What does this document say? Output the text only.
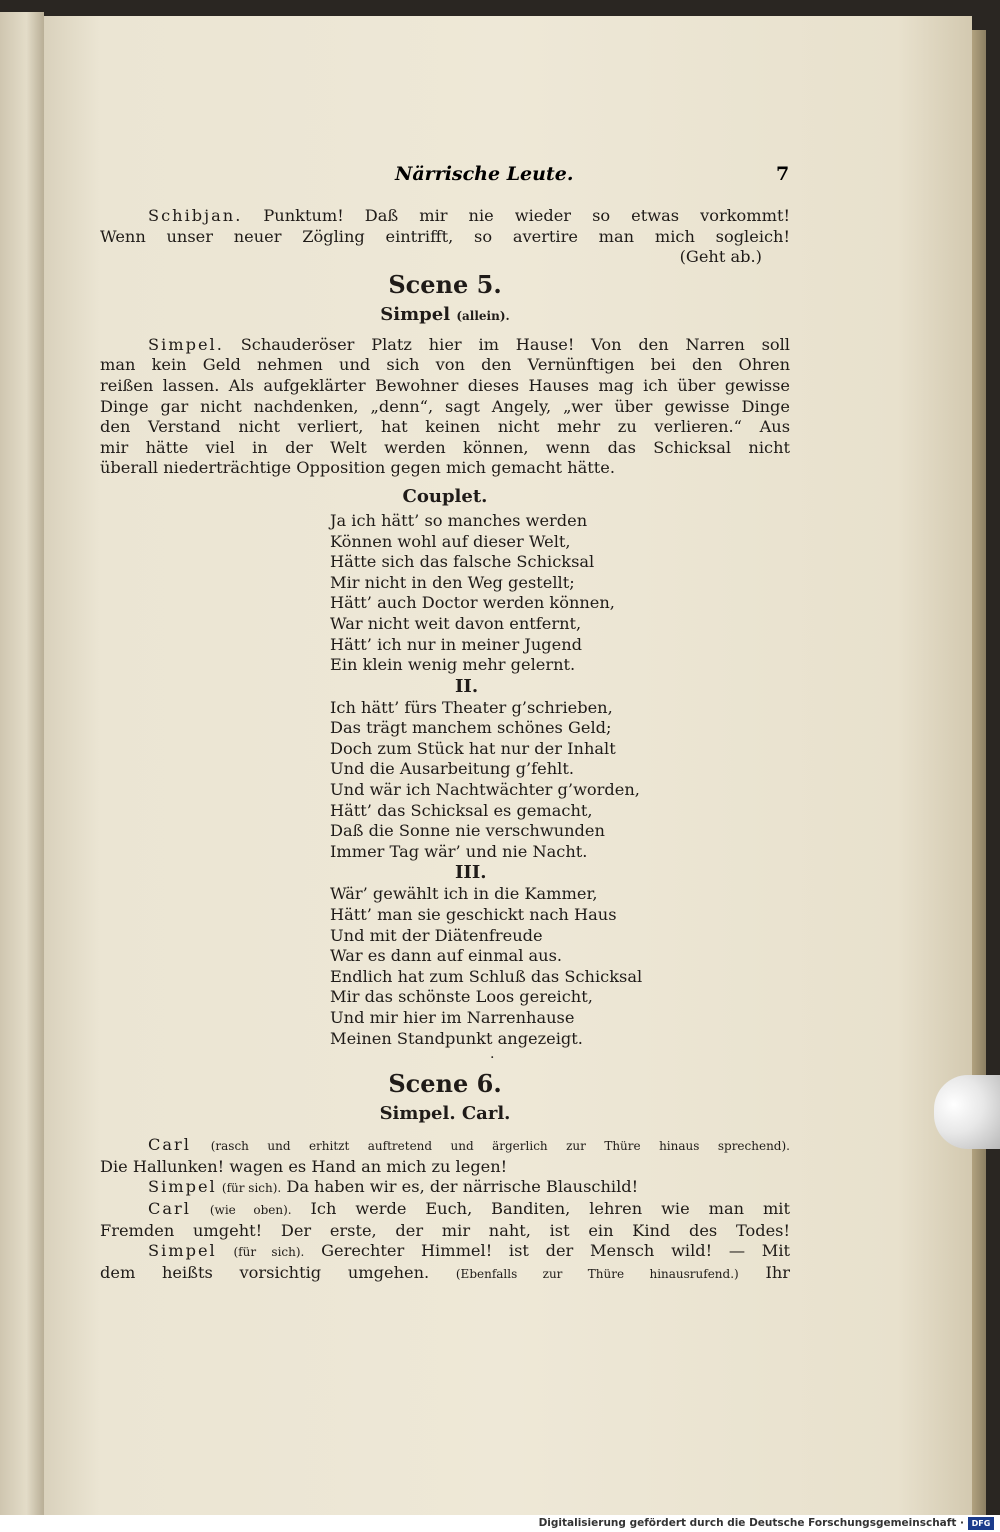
Närrische Leute.	7
Schibjan. Punktum! Daß mir nie wieder so etwas vorkommt!
Wenn unser neuer Zögling eintrifft, so avertire man mich sogleich!
(Geht ab.)
Scene 5.
Simpel (allein).
Simpel. Schauderöser Platz hier im Hause! Von den Narren soll
man kein Geld nehmen und sich von den Vernünftigen bei den Ohren
reißen lassen. Als aufgeklärter Bewohner dieses Hauses mag ich über gewisse
Dinge gar nicht nachdenken, „denn“, sagt Angely, „wer über gewisse Dinge
den Verstand nicht verliert, hat keinen nicht mehr zu verlieren.“ Aus
mir hätte viel in der Welt werden können, wenn das Schicksal nicht
überall niederträchtige Opposition gegen mich gemacht hätte.
Couplet.
Ja ich hätt’ so manches werden
Können wohl auf dieser Welt,
Hätte sich das falsche Schicksal
Mir nicht in den Weg gestellt;
Hätt’ auch Doctor werden können,
War nicht weit davon entfernt,
Hätt’ ich nur in meiner Jugend
Ein klein wenig mehr gelernt.
II.
Ich hätt’ fürs Theater g’schrieben,
Das trägt manchem schönes Geld;
Doch zum Stück hat nur der Inhalt
Und die Ausarbeitung g’fehlt.
Und wär ich Nachtwächter g’worden,
Hätt’ das Schicksal es gemacht,
Daß die Sonne nie verschwunden
Immer Tag wär’ und nie Nacht.
III.
Wär’ gewählt ich in die Kammer,
Hätt’ man sie geschickt nach Haus
Und mit der Diätenfreude
War es dann auf einmal aus.
Endlich hat zum Schluß das Schicksal
Mir das schönste Loos gereicht,
Und mir hier im Narrenhause
Meinen Standpunkt angezeigt.
.
Scene 6.
Simpel. Carl.
Carl (rasch und erhitzt auftretend und ärgerlich zur Thüre hinaus sprechend).
Die Hallunken! wagen es Hand an mich zu legen!
Simpel (für sich). Da haben wir es, der närrische Blauschild!
Carl (wie oben). Ich werde Euch, Banditen, lehren wie man mit
Fremden umgeht! Der erste, der mir naht, ist ein Kind des Todes!
Simpel (für sich). Gerechter Himmel! ist der Mensch wild! — Mit
dem heißts vorsichtig umgehen. (Ebenfalls zur Thüre hinausrufend.) Ihr
Digitalisierung gefördert durch die Deutsche Forschungsgemeinschaft · DFG
